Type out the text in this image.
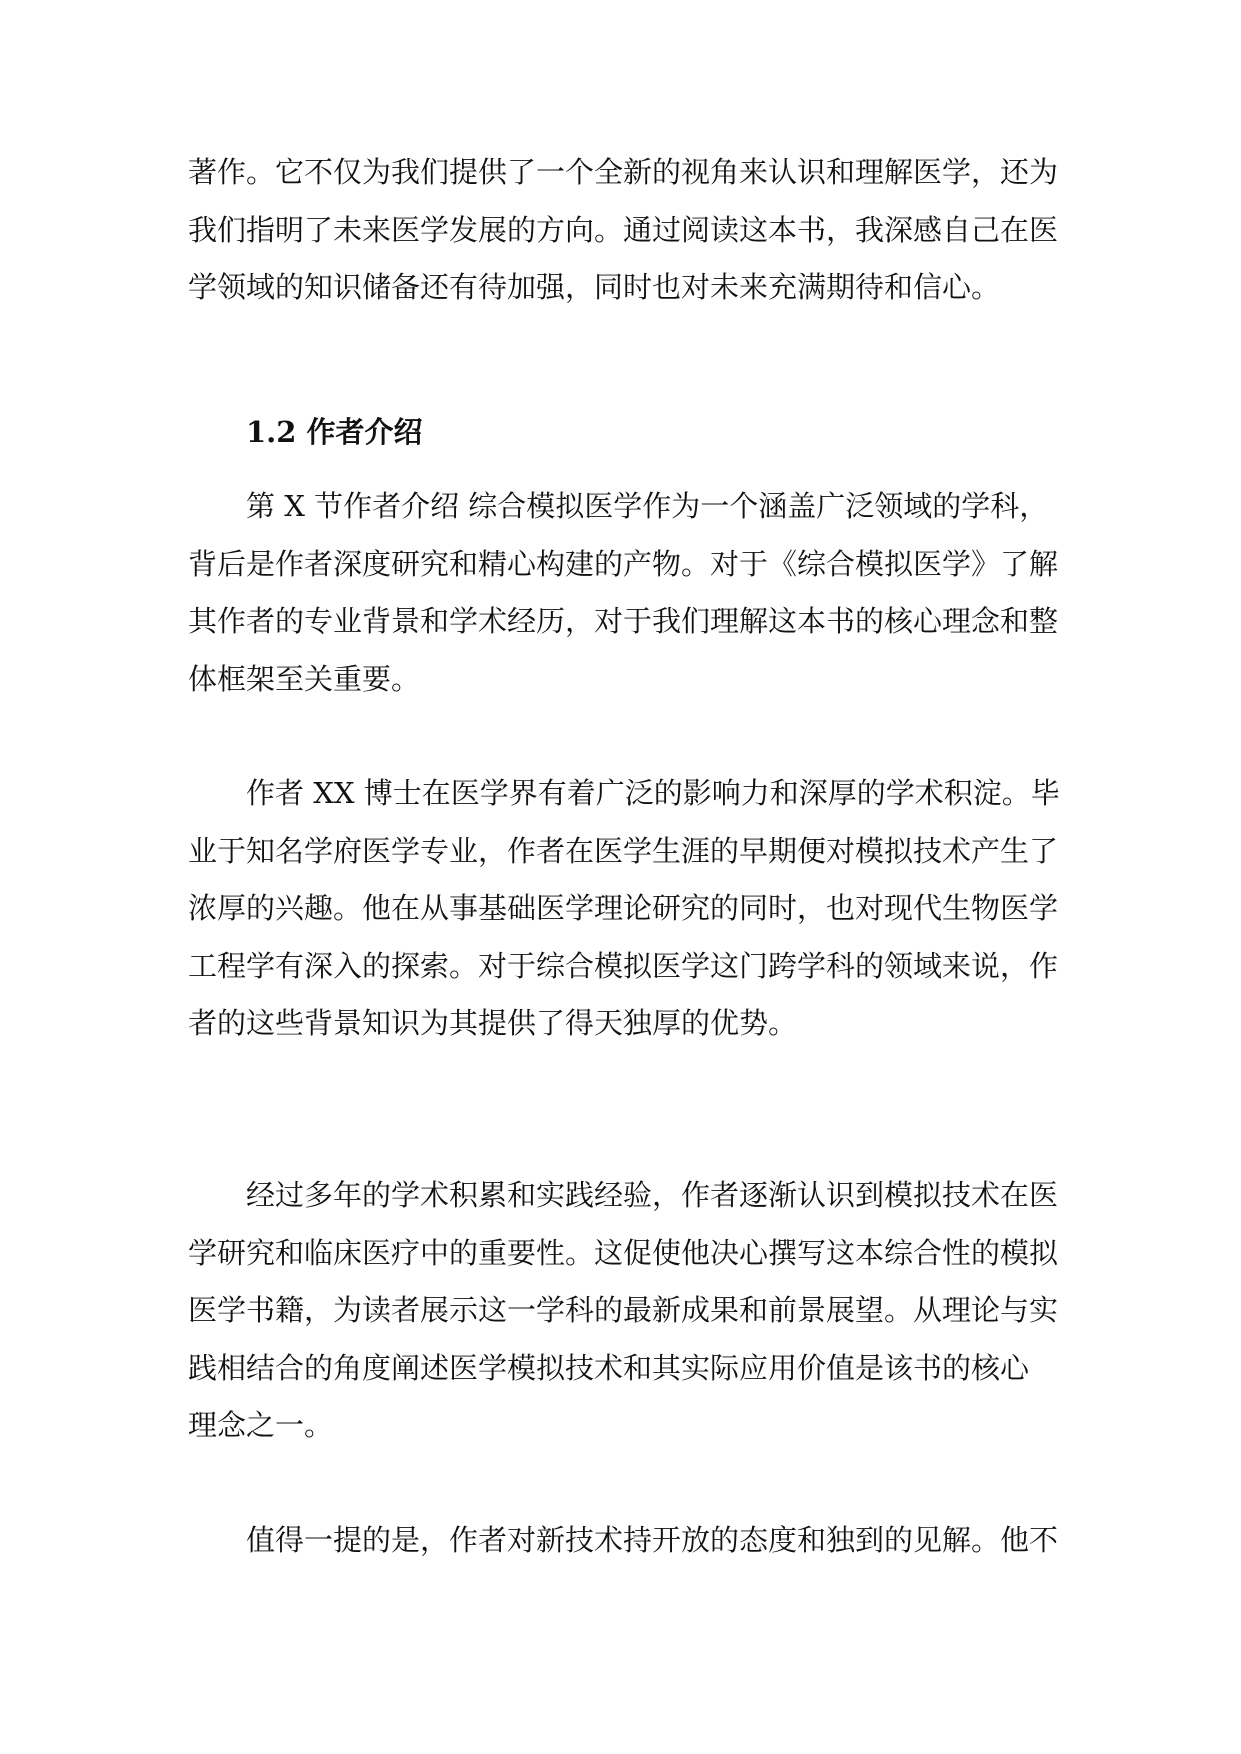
著作。它不仅为我们提供了一个全新的视角来认识和理解医学，还为
我们指明了未来医学发展的方向。通过阅读这本书，我深感自己在医
学领域的知识储备还有待加强，同时也对未来充满期待和信心。
1.2 作者介绍
第 X 节作者介绍 综合模拟医学作为一个涵盖广泛领域的学科，
背后是作者深度研究和精心构建的产物。对于《综合模拟医学》了解
其作者的专业背景和学术经历，对于我们理解这本书的核心理念和整
体框架至关重要。
作者 XX 博士在医学界有着广泛的影响力和深厚的学术积淀。毕
业于知名学府医学专业，作者在医学生涯的早期便对模拟技术产生了
浓厚的兴趣。他在从事基础医学理论研究的同时，也对现代生物医学
工程学有深入的探索。对于综合模拟医学这门跨学科的领域来说，作
者的这些背景知识为其提供了得天独厚的优势。
经过多年的学术积累和实践经验，作者逐渐认识到模拟技术在医
学研究和临床医疗中的重要性。这促使他决心撰写这本综合性的模拟
医学书籍，为读者展示这一学科的最新成果和前景展望。从理论与实
践相结合的角度阐述医学模拟技术和其实际应用价值是该书的核心
理念之一。
值得一提的是，作者对新技术持开放的态度和独到的见解。他不
